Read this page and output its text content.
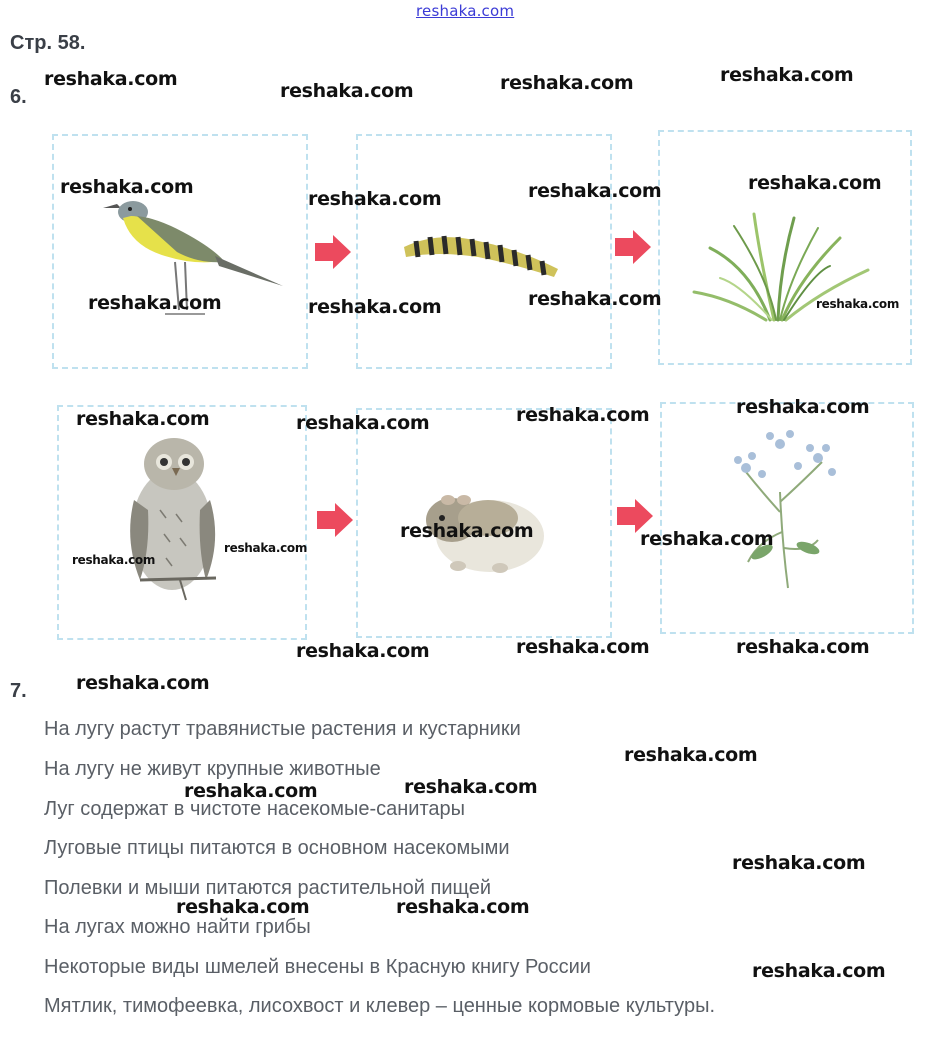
reshaka.com
Стр. 58.
6.
7.
На лугу растут травянистые растения и кустарники
На лугу не живут крупные животные
Луг содержат в чистоте насекомые-санитары
Луговые птицы питаются в основном насекомыми
Полевки и мыши питаются растительной пищей
На лугах можно найти грибы
Некоторые виды шмелей внесены в Красную книгу России
Мятлик, тимофеевка, лисохвост и клевер – ценные кормовые культуры.
reshaka.com
reshaka.com	reshaka.com	reshaka.com
reshaka.com
reshaka.com	reshaka.com	reshaka.com
reshaka.com	reshaka.com	reshaka.com	reshaka.com
reshaka.com	reshaka.com	reshaka.com	reshaka.com
reshaka.com	reshaka.com
reshaka.com
reshaka.com
reshaka.com	reshaka.com	reshaka.com
reshaka.com
reshaka.com
reshaka.com	reshaka.com
reshaka.com
reshaka.com	reshaka.com
reshaka.com
